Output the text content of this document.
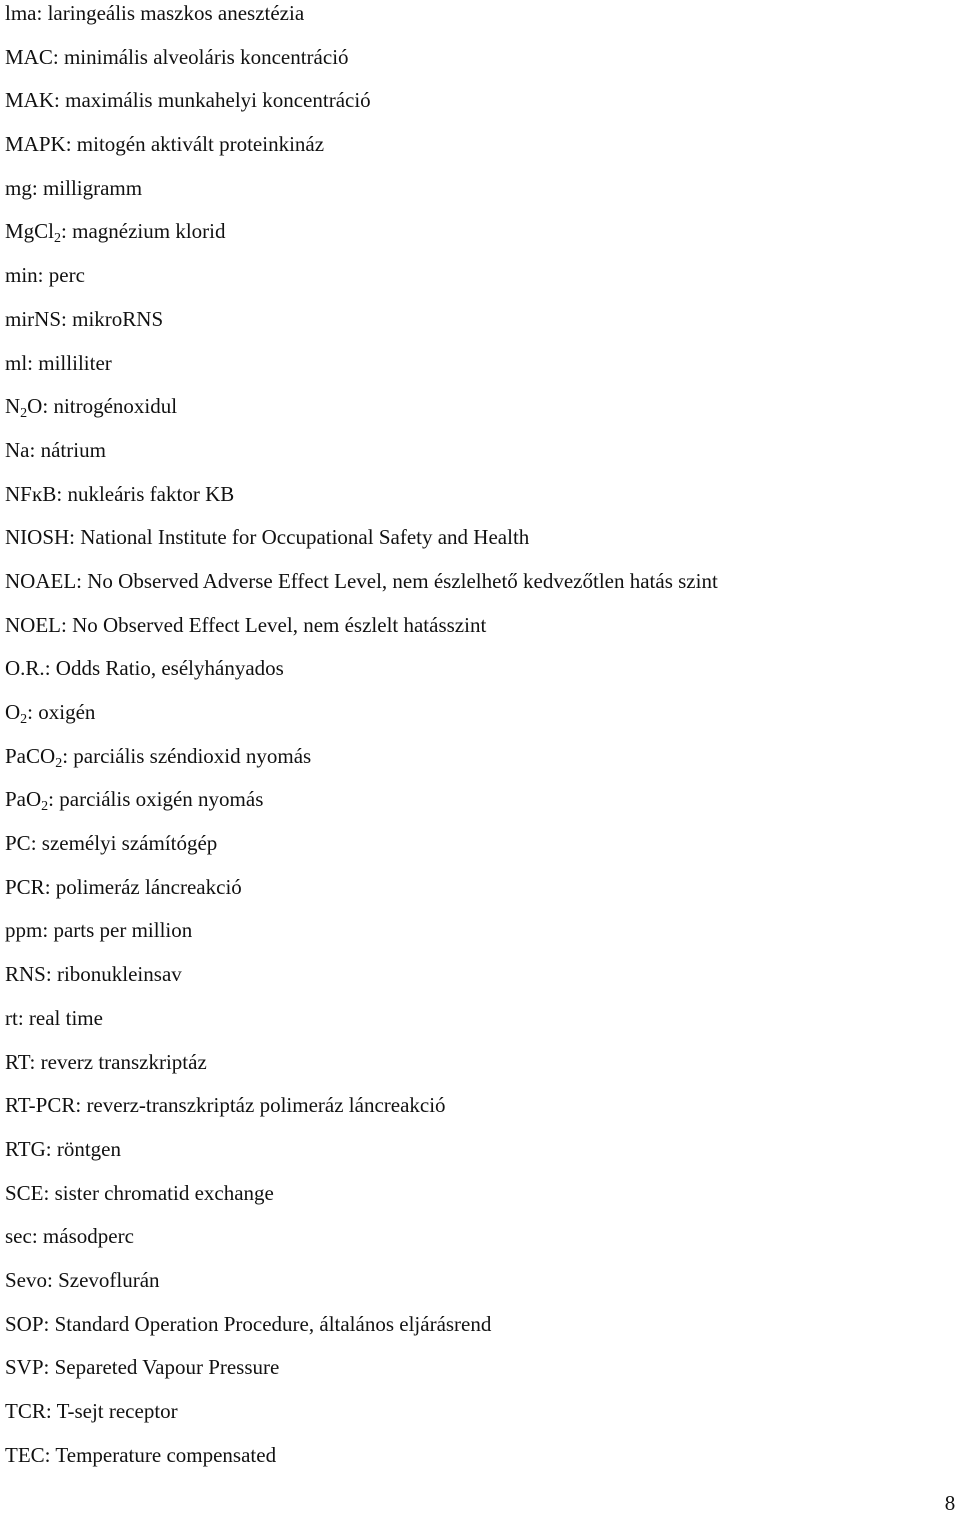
lma: laringeális maszkos anesztézia
MAC: minimális alveoláris koncentráció
MAK: maximális munkahelyi koncentráció
MAPK: mitogén aktivált proteinkináz
mg: milligramm
MgCl2: magnézium klorid
min: perc
mirNS: mikroRNS
ml: milliliter
N2O: nitrogénoxidul
Na: nátrium
NFĸB: nukleáris faktor KB
NIOSH: National Institute for Occupational Safety and Health
NOAEL: No Observed Adverse Effect Level, nem észlelhető kedvezőtlen hatás szint
NOEL: No Observed Effect Level, nem észlelt hatásszint
O.R.: Odds Ratio, esélyhányados
O2: oxigén
PaCO2: parciális széndioxid nyomás
PaO2: parciális oxigén nyomás
PC: személyi számítógép
PCR: polimeráz láncreakció
ppm: parts per million
RNS: ribonukleinsav
rt: real time
RT: reverz transzkriptáz
RT-PCR: reverz-transzkriptáz polimeráz láncreakció
RTG: röntgen
SCE: sister chromatid exchange
sec: másodperc
Sevo: Szevoflurán
SOP: Standard Operation Procedure, általános eljárásrend
SVP: Separeted Vapour Pressure
TCR: T-sejt receptor
TEC: Temperature compensated
8
